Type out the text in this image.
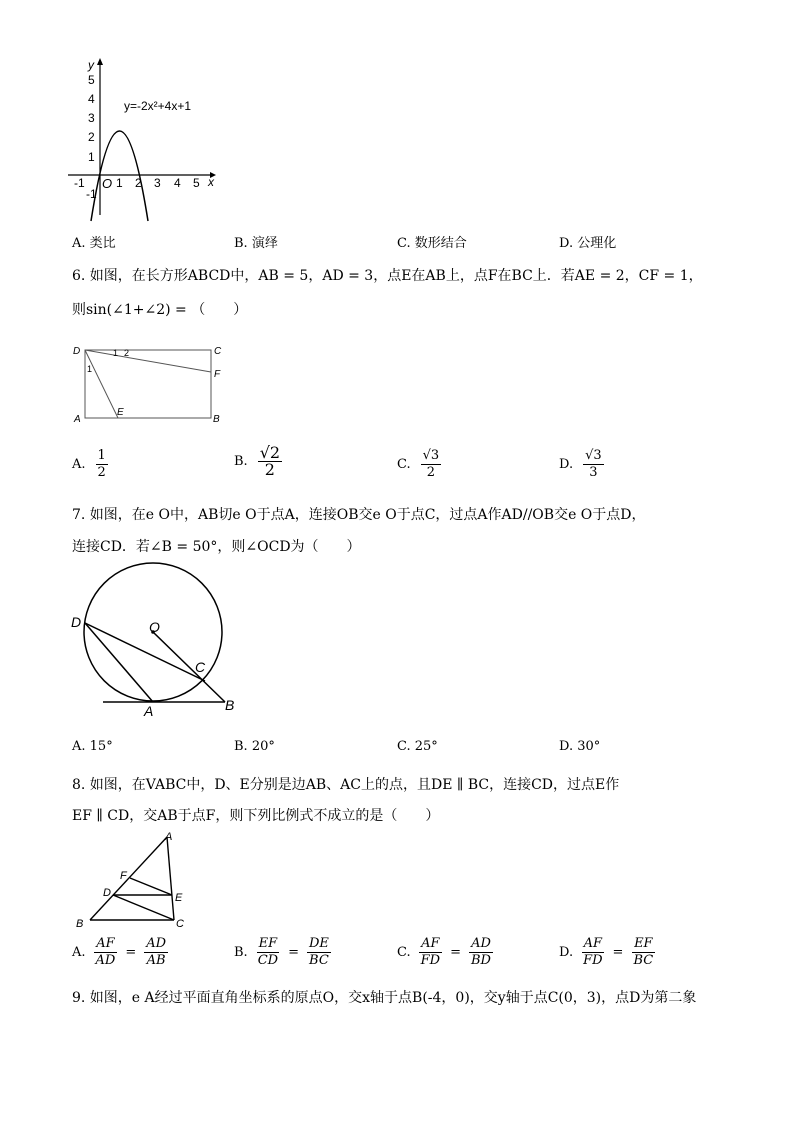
y
5
4
3
2
1
-1
-1 O 1 2 3 4 5 x
y=-2x²+4x+1
A. 类比	B. 演绎	C. 数形结合	D. 公理化
6. 如图，在长方形ABCD中，AB = 5，AD = 3，点E在AB上，点F在BC上．若AE = 2，CF = 1，
则sin(∠1+∠2) = （　　）
D	C
F
A
E
B
1 2
1
A. $\frac{1}{2}$	B. $\frac{√2}{2}$	C. $\frac{√3}{2}$	D. $\frac{√3}{3}$
7. 如图，在e O中，AB切e O于点A，连接OB交e O于点C，过点A作AD//OB交e O于点D，
连接CD．若∠B = 50°，则∠OCD为（　　）
D	O
C
A	B
A. 15°	B. 20°	C. 25°	D. 30°
8. 如图，在VABC中，D、E分别是边AB、AC上的点，且DE ∥ BC，连接CD，过点E作
EF ∥ CD，交AB于点F，则下列比例式不成立的是（　　）
A
F
D	E
B	C
A. $\frac{AF}{AD} = \frac{AD}{AB}$	B. $\frac{EF}{CD} = \frac{DE}{BC}$	C. $\frac{AF}{FD} = \frac{AD}{BD}$	D. $\frac{AF}{FD} = \frac{EF}{BC}$
9. 如图，e A经过平面直角坐标系的原点O，交x轴于点B(-4，0)，交y轴于点C(0，3)，点D为第二象
